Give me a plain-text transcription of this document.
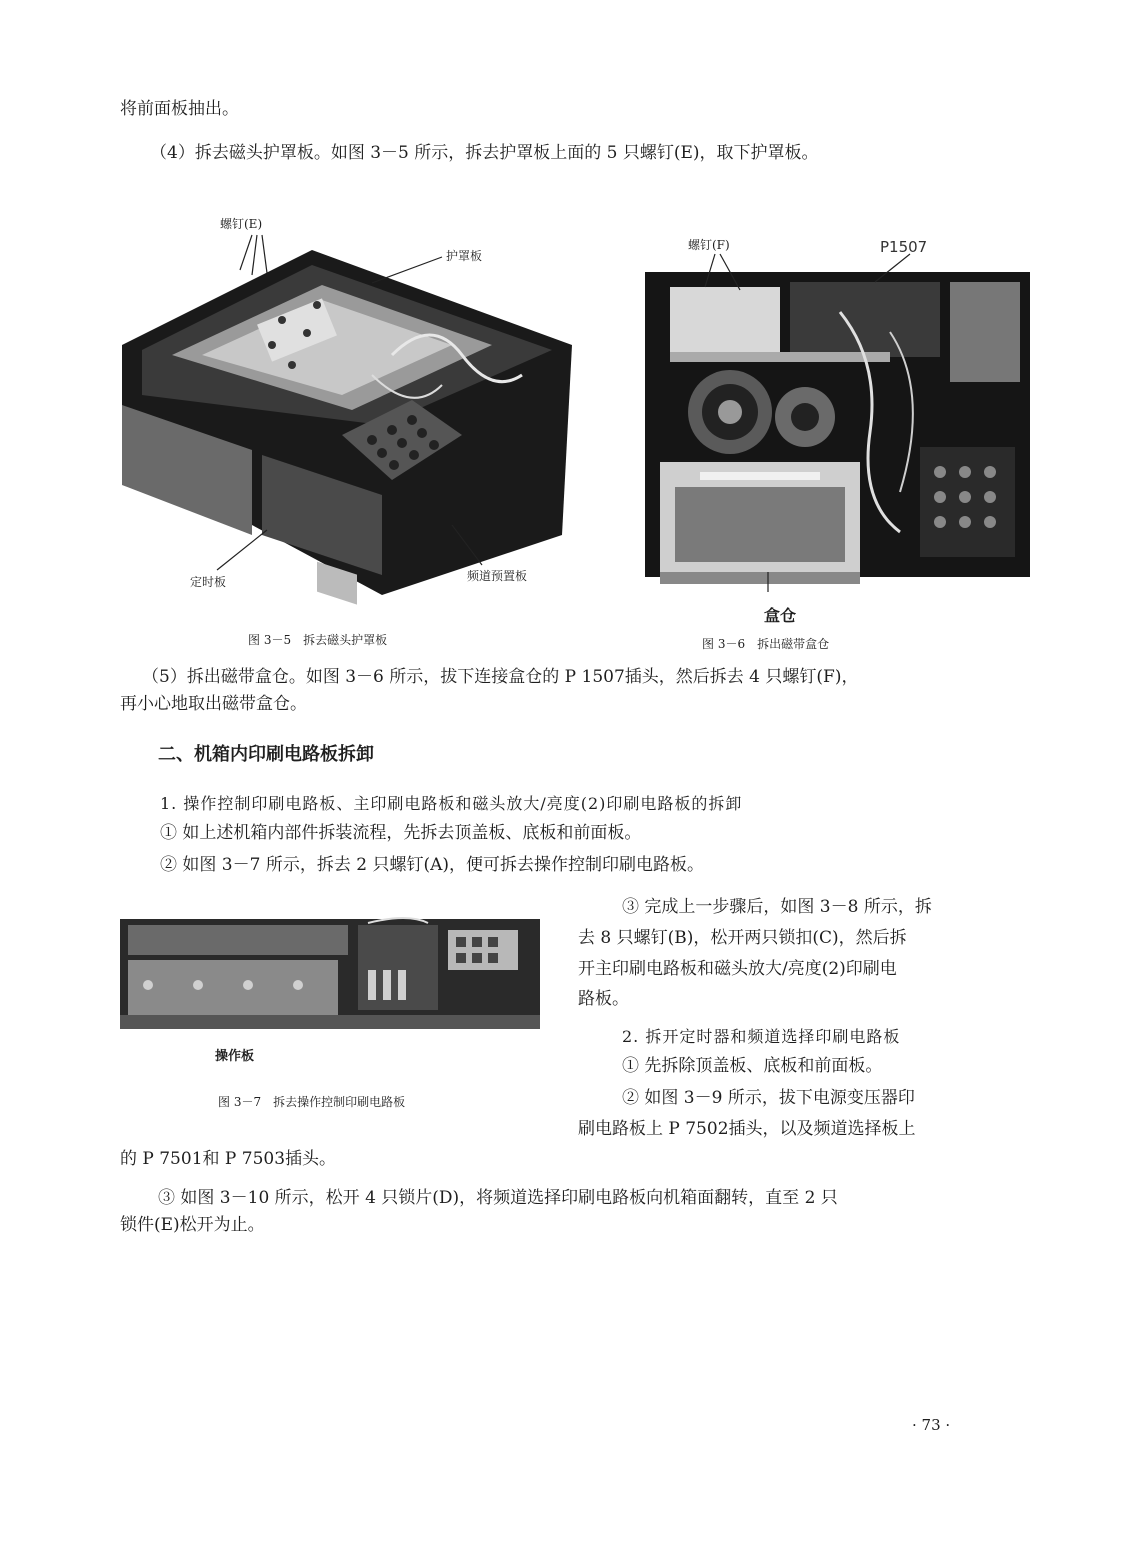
将前面板抽出。
（4）拆去磁头护罩板。如图 3－5 所示，拆去护罩板上面的 5 只螺钉(E)，取下护罩板。
螺钉(E)
护罩板
定时板	频道预置板
图 3－5　拆去磁头护罩板
螺钉(F)	P1507
盒仓
图 3－6　拆出磁带盒仓
（5）拆出磁带盒仓。如图 3－6 所示，拔下连接盒仓的 P 1507插头，然后拆去 4 只螺钉(F)，
再小心地取出磁带盒仓。
二、机箱内印刷电路板拆卸
1. 操作控制印刷电路板、主印刷电路板和磁头放大/亮度(2)印刷电路板的拆卸
① 如上述机箱内部件拆装流程，先拆去顶盖板、底板和前面板。
② 如图 3－7 所示，拆去 2 只螺钉(A)，便可拆去操作控制印刷电路板。
操作板
图 3－7　拆去操作控制印刷电路板
③ 完成上一步骤后，如图 3－8 所示，拆
去 8 只螺钉(B)，松开两只锁扣(C)，然后拆
开主印刷电路板和磁头放大/亮度(2)印刷电
路板。
2. 拆开定时器和频道选择印刷电路板
① 先拆除顶盖板、底板和前面板。
② 如图 3－9 所示，拔下电源变压器印
刷电路板上 P 7502插头，以及频道选择板上
的 P 7501和 P 7503插头。
③ 如图 3－10 所示，松开 4 只锁片(D)，将频道选择印刷电路板向机箱面翻转，直至 2 只
锁件(E)松开为止。
· 73 ·
